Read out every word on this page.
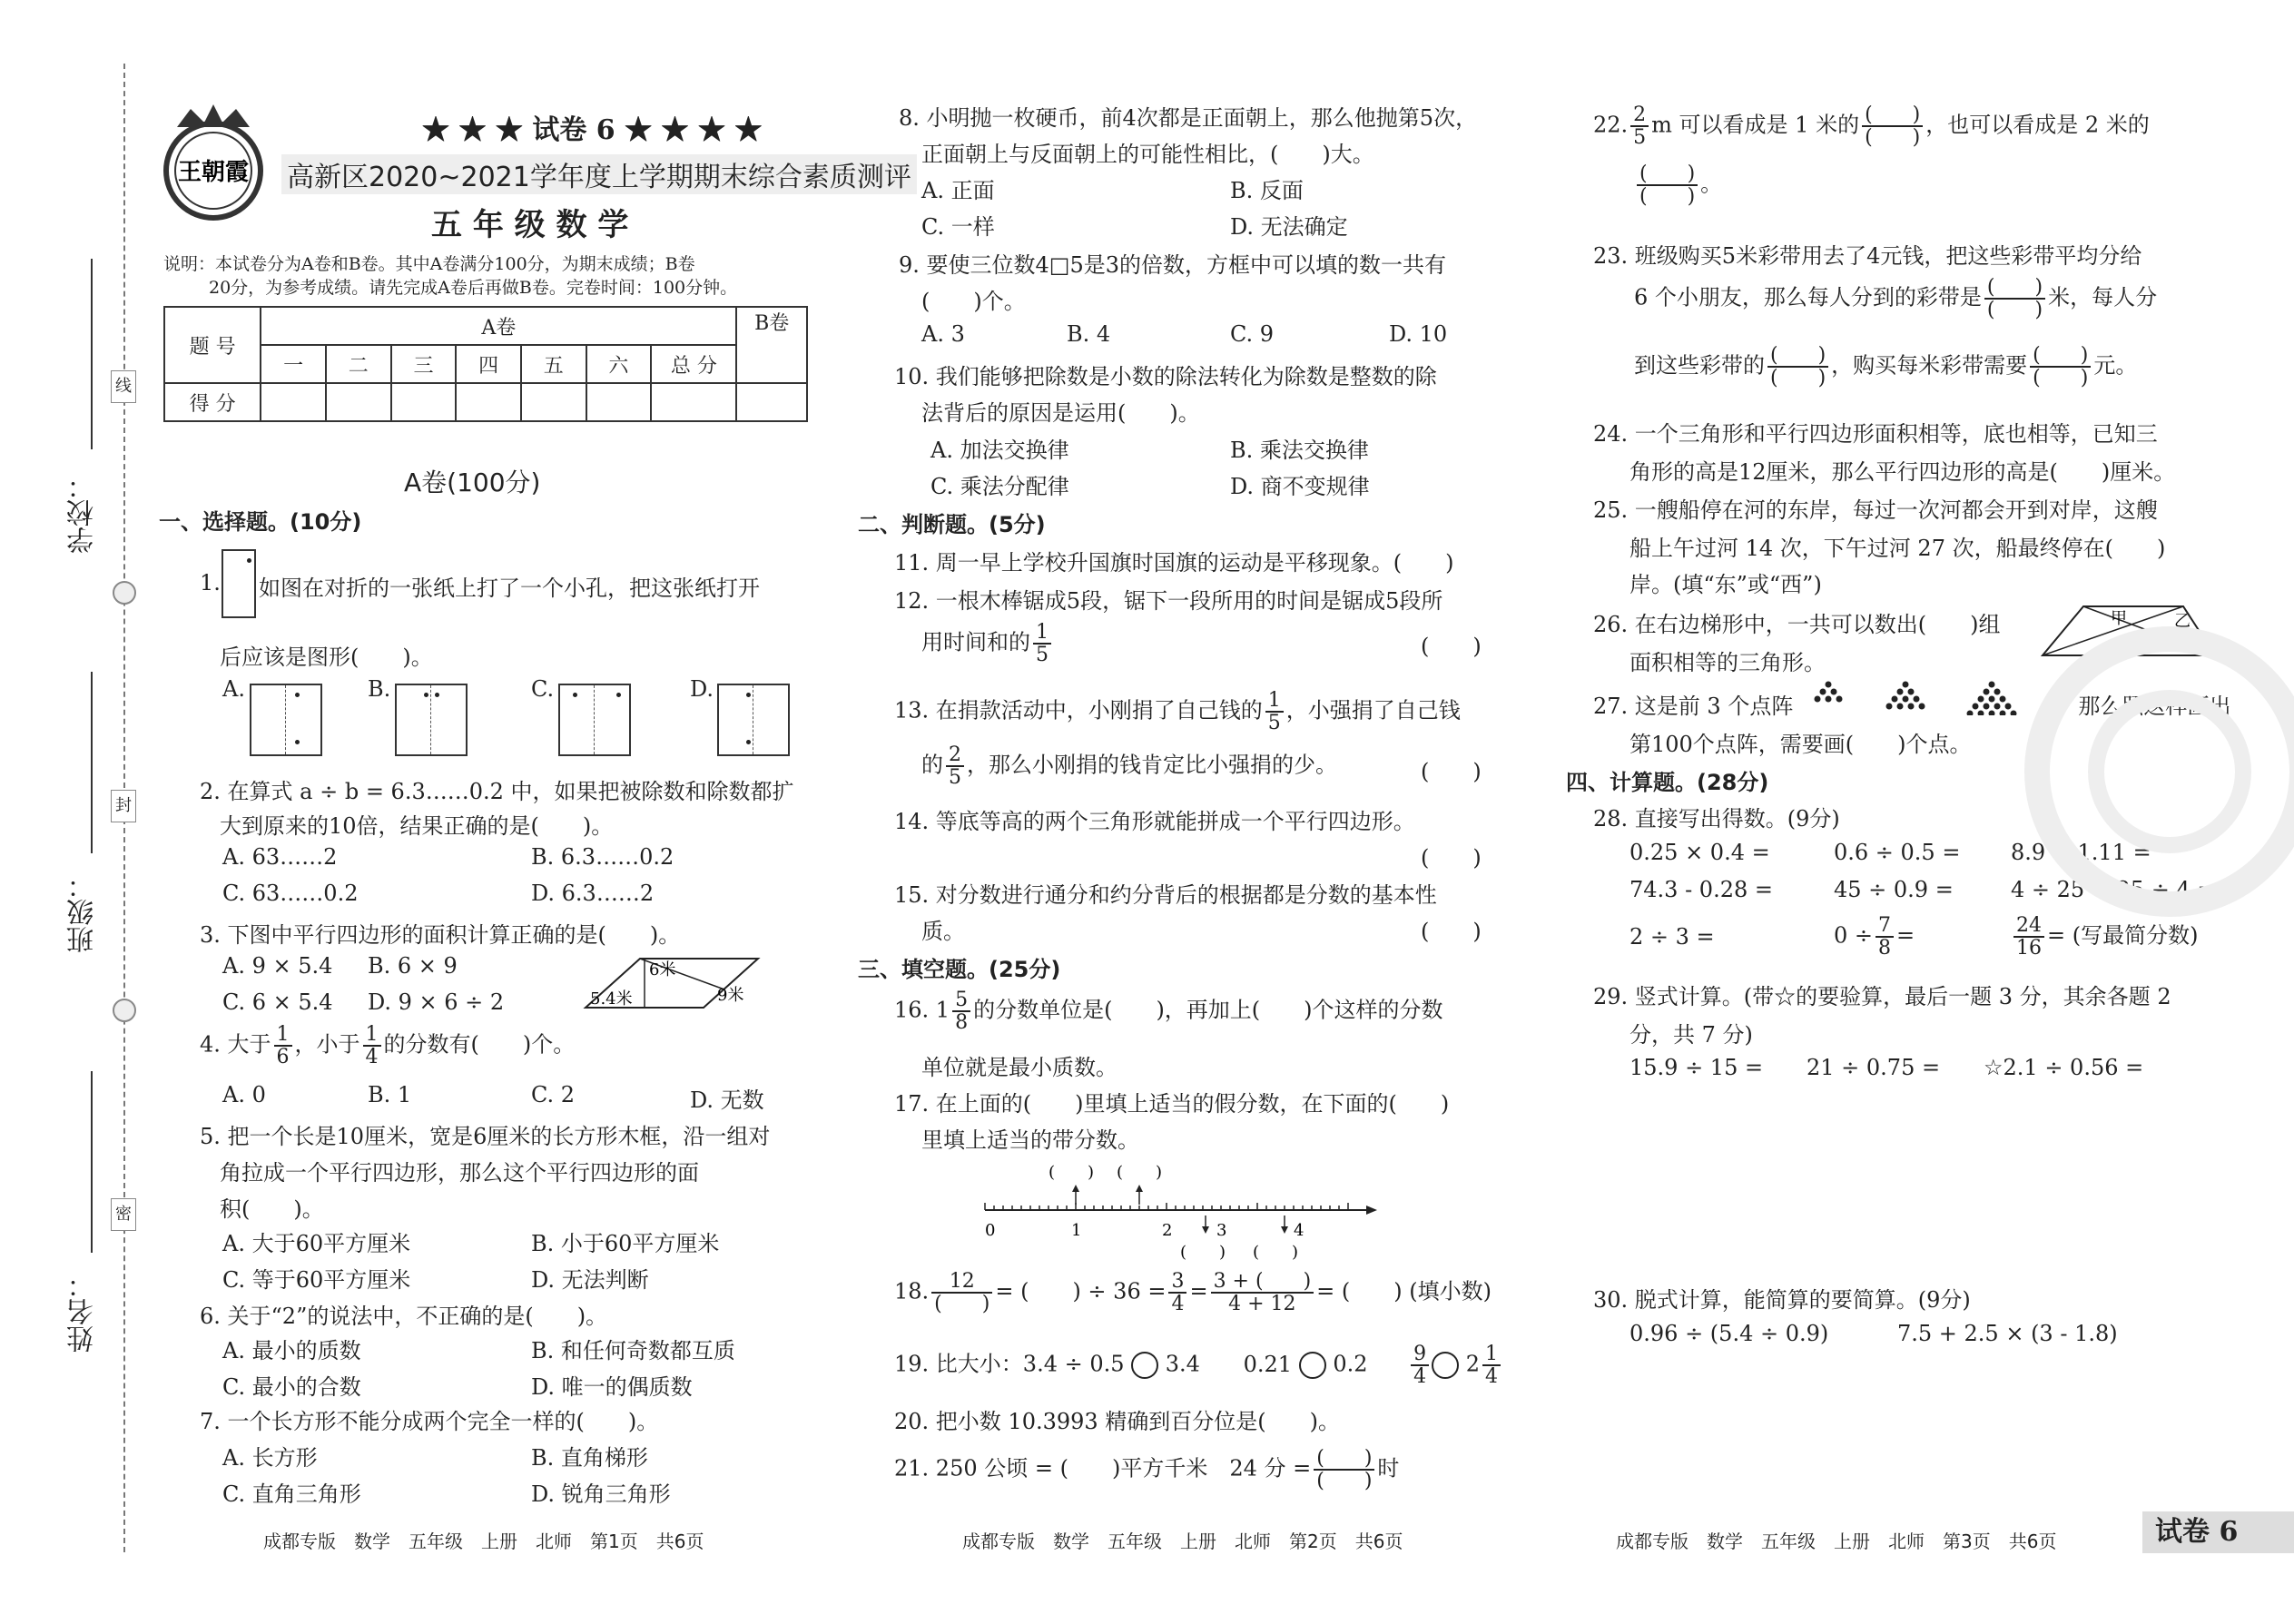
学校：
班级：
姓名：
线
封
密
王朝霞
★ ★ ★ 试卷 6 ★ ★ ★ ★
高新区2020~2021学年度上学期期末综合素质测评
五 年 级 数 学
说明：本试卷分为A卷和B卷。其中A卷满分100分，为期末成绩；B卷
20分，为参考成绩。请先完成A卷后再做B卷。完卷时间：100分钟。
题 号	A卷							B卷
	一	二	三	四	五	六	总 分	
得 分								
A卷(100分)
一、选择题。(10分)
1. 如图在对折的一张纸上打了一个小孔，把这张纸打开
后应该是图形(　　)。
A.	B.	C.	D.
2. 在算式 a ÷ b = 6.3……0.2 中，如果把被除数和除数都扩
大到原来的10倍，结果正确的是(　　)。
A. 63……2	B. 6.3……0.2
C. 63……0.2	D. 6.3……2
3. 下图中平行四边形的面积计算正确的是(　　)。
A. 9 × 5.4 B. 6 × 9
C. 6 × 5.4 D. 9 × 6 ÷ 2
6米
5.4米	9米
4. 大于 $\frac{1}{6}$ ，小于 $\frac{1}{4}$ 的分数有(　　)个。
A. 0	B. 1	C. 2	D. 无数
5. 把一个长是10厘米，宽是6厘米的长方形木框，沿一组对
角拉成一个平行四边形，那么这个平行四边形的面
积(　　)。
A. 大于60平方厘米	B. 小于60平方厘米
C. 等于60平方厘米	D. 无法判断
6. 关于“2”的说法中，不正确的是(　　)。
A. 最小的质数	B. 和任何奇数都互质
C. 最小的合数	D. 唯一的偶质数
7. 一个长方形不能分成两个完全一样的(　　)。
A. 长方形	B. 直角梯形
C. 直角三角形	D. 锐角三角形
成都专版　数学　五年级　上册　北师　第1页　共6页
8. 小明抛一枚硬币，前4次都是正面朝上，那么他抛第5次，
正面朝上与反面朝上的可能性相比，(　　)大。
A. 正面	B. 反面
C. 一样	D. 无法确定
9. 要使三位数4□5是3的倍数，方框中可以填的数一共有
(　　)个。
A. 3	B. 4	C. 9	D. 10
10. 我们能够把除数是小数的除法转化为除数是整数的除
法背后的原因是运用(　　)。
A. 加法交换律	B. 乘法交换律
C. 乘法分配律	D. 商不变规律
二、判断题。(5分)
11. 周一早上学校升国旗时国旗的运动是平移现象。(　　)
12. 一根木棒锯成5段，锯下一段所用的时间是锯成5段所
用时间和的 $\frac{1}{5}$	(　　)
13. 在捐款活动中，小刚捐了自己钱的 $\frac{1}{5}$ ，小强捐了自己钱
的 $\frac{2}{5}$ ，那么小刚捐的钱肯定比小强捐的少。	(　　)
14. 等底等高的两个三角形就能拼成一个平行四边形。
(　　)
15. 对分数进行通分和约分背后的根据都是分数的基本性
质。	(　　)
三、填空题。(25分)
16. $1 \frac{5}{8}$ 的分数单位是(　　)，再加上(　　)个这样的分数
单位就是最小质数。
17. 在上面的(　　)里填上适当的假分数，在下面的(　　)
里填上适当的带分数。
0	1	2	3	4
(　　) (　　)
(　　) (　　)
18. $\frac{12}{( )}$ = (　　) ÷ $36 = \frac{3}{4} = \frac{3 + ( )}{4 + 12}$ = (　　) (填小数)
19. 比大小：3.4 ÷ 0.5 3.4 0.21 $0.2 \frac{9}{4} 2 \frac{1}{4}$
20. 把小数 10.3993 精确到百分位是(　　)。
21. 250 公顷 = (　　)平方千米　24 分 = $\frac{( )}{( )}$ 时
成都专版　数学　五年级　上册　北师　第2页　共6页
22. $\frac{2}{5}$ m 可以看成是 1 米的 $\frac{( )}{( )}$ ，也可以看成是 2 米的
$\frac{( )}{( )}$ 。
23. 班级购买5米彩带用去了4元钱，把这些彩带平均分给
6 个小朋友，那么每人分到的彩带是 $\frac{( )}{( )}$ 米，每人分
到这些彩带的 $\frac{( )}{( )}$ ，购买每米彩带需要 $\frac{( )}{( )}$ 元。
24. 一个三角形和平行四边形面积相等，底也相等，已知三
角形的高是12厘米，那么平行四边形的高是(　　)厘米。
25. 一艘船停在河的东岸，每过一次河都会开到对岸，这艘
船上午过河 14 次，下午过河 27 次，船最终停在(　　)
岸。(填“东”或“西”)
26. 在右边梯形中，一共可以数出(　　)组
面积相等的三角形。
甲	乙
27. 这是前 3 个点阵	，那么照这样画出
第100个点阵，需要画(　　)个点。
四、计算题。(28分)
28. 直接写出得数。(9分)
0.25 × 0.4 =	0.6 ÷ 0.5 = 8.9 + 1.11 =
74.3 - 0.28 =	45 ÷ 0.9 =	4 ÷ 25 × 25 ÷ 4 =
2 ÷ 3 =	$0 \div \frac{7}{8}$ =	$\frac{24}{16}$ = (写最简分数)
29. 竖式计算。(带☆的要验算，最后一题 3 分，其余各题 2
分，共 7 分)
15.9 ÷ 15 = 21 ÷ 0.75 = ☆2.1 ÷ 0.56 =
30. 脱式计算，能简算的要简算。(9分)
0.96 ÷ (5.4 ÷ 0.9)	7.5 + 2.5 × (3 - 1.8)
成都专版　数学　五年级　上册　北师　第3页　共6页	试卷 6
